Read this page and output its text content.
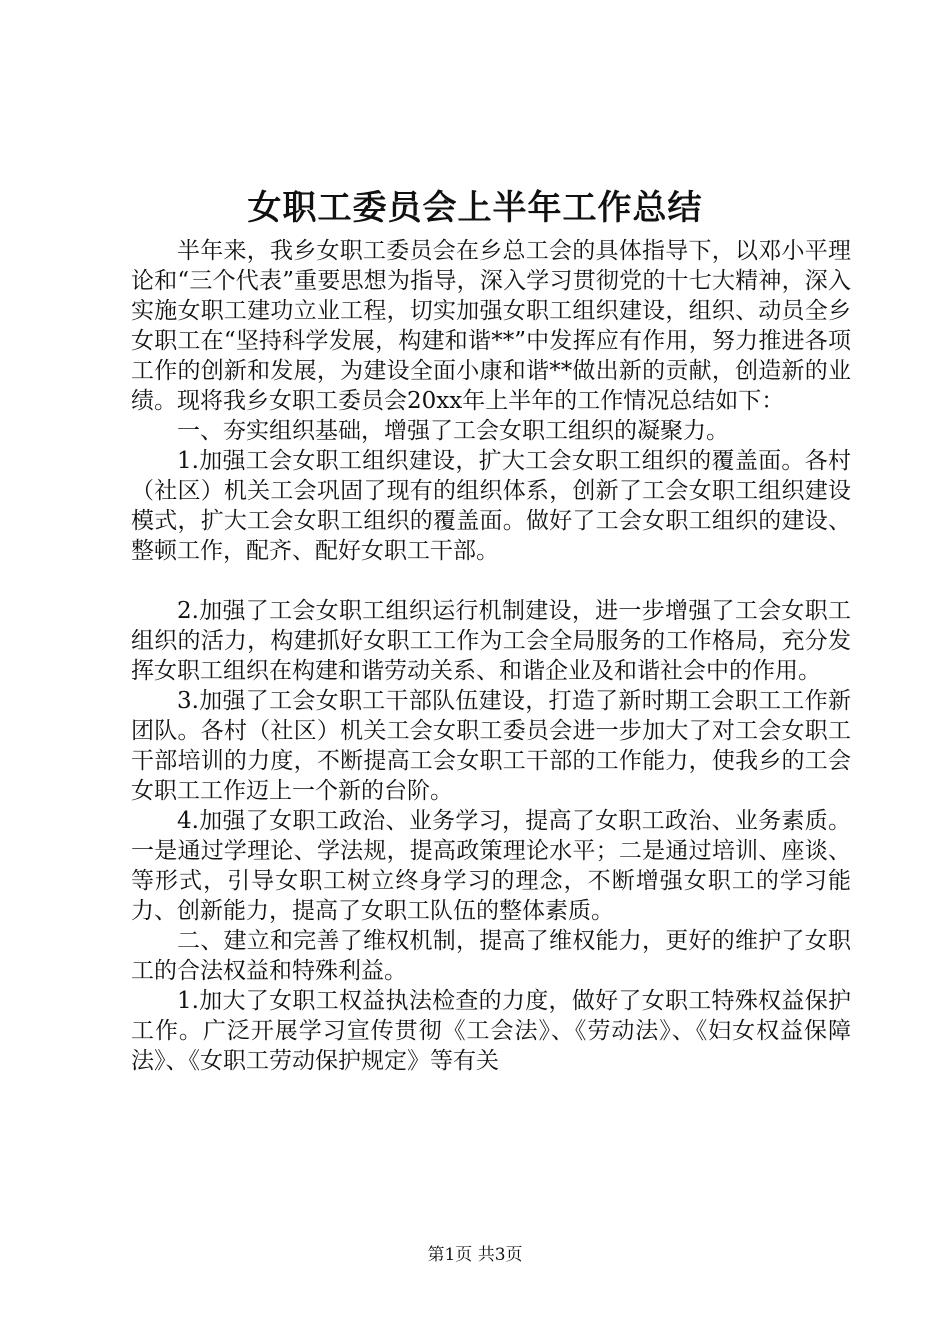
女职工委员会上半年工作总结

半年来，我乡女职工委员会在乡总工会的具体指导下，以邓小平理论和“三个代表”重要思想为指导，深入学习贯彻党的十七大精神，深入实施女职工建功立业工程，切实加强女职工组织建设，组织、动员全乡女职工在“坚持科学发展，构建和谐**”中发挥应有作用，努力推进各项工作的创新和发展，为建设全面小康和谐**做出新的贡献，创造新的业绩。现将我乡女职工委员会20xx年上半年的工作情况总结如下：

一、夯实组织基础，增强了工会女职工组织的凝聚力。

1.加强工会女职工组织建设，扩大工会女职工组织的覆盖面。各村（社区）机关工会巩固了现有的组织体系，创新了工会女职工组织建设模式，扩大工会女职工组织的覆盖面。做好了工会女职工组织的建设、整顿工作，配齐、配好女职工干部。

2.加强了工会女职工组织运行机制建设，进一步增强了工会女职工组织的活力，构建抓好女职工工作为工会全局服务的工作格局，充分发挥女职工组织在构建和谐劳动关系、和谐企业及和谐社会中的作用。

3.加强了工会女职工干部队伍建设，打造了新时期工会职工工作新团队。各村（社区）机关工会女职工委员会进一步加大了对工会女职工干部培训的力度，不断提高工会女职工干部的工作能力，使我乡的工会女职工工作迈上一个新的台阶。

4.加强了女职工政治、业务学习，提高了女职工政治、业务素质。一是通过学理论、学法规，提高政策理论水平；二是通过培训、座谈、等形式，引导女职工树立终身学习的理念，不断增强女职工的学习能力、创新能力，提高了女职工队伍的整体素质。

二、建立和完善了维权机制，提高了维权能力，更好的维护了女职工的合法权益和特殊利益。

1.加大了女职工权益执法检查的力度，做好了女职工特殊权益保护工作。广泛开展学习宣传贯彻《工会法》、《劳动法》、《妇女权益保障法》、《女职工劳动保护规定》等有关

第1页 共3页
